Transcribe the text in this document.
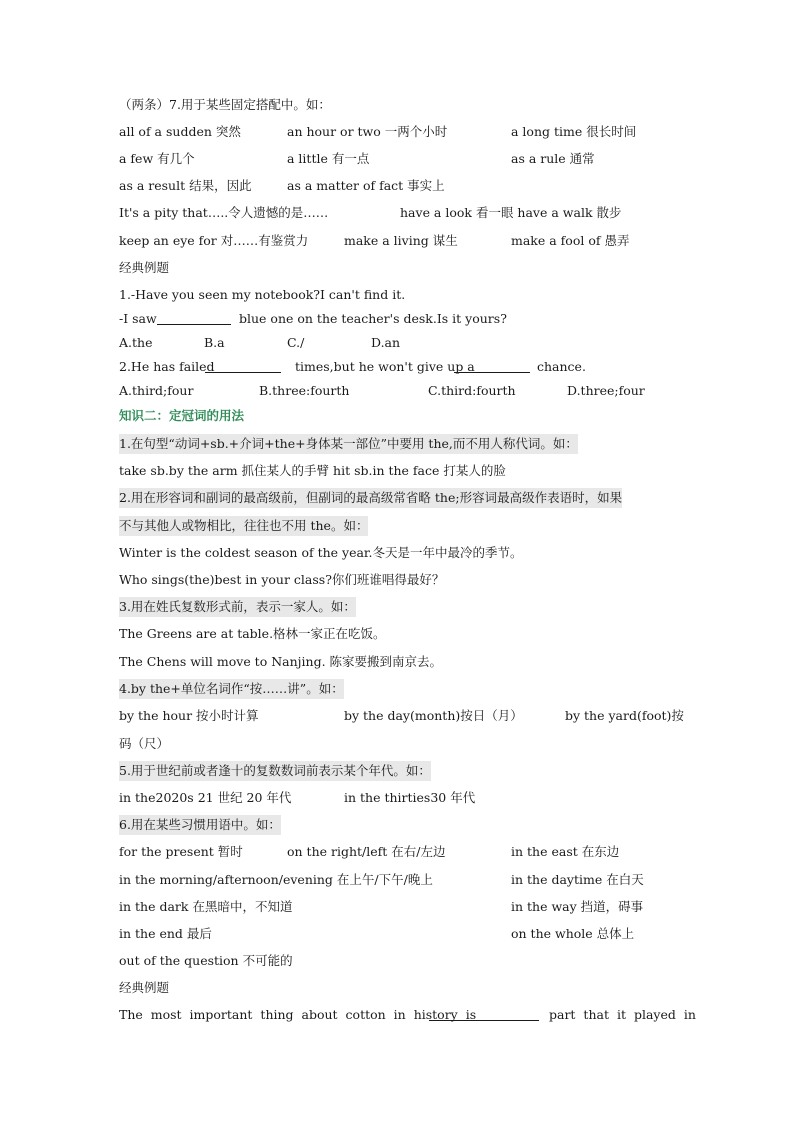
（两条）7.用于某些固定搭配中。如：
all of a sudden 突然	an hour or two 一两个小时	a long time 很长时间
a few 有几个	a little 有一点	as a rule 通常
as a result 结果，因此	as a matter of fact 事实上
It's a pity that…..令人遗憾的是……	have a look 看一眼 have a walk 散步
keep an eye for 对……有鉴赏力	make a living 谋生	make a fool of 愚弄
经典例题
1.-Have you seen my notebook?I can't find it.
-I saw	blue one on the teacher's desk.Is it yours?
A.the	B.a	C./	D.an
2.He has failed	times,but he won't give up a	chance.
A.third;four	B.three:fourth	C.third:fourth	D.three;four
知识二：定冠词的用法
1.在句型“动词+sb.+介词+the+身体某一部位”中要用 the,而不用人称代词。如：
take sb.by the arm 抓住某人的手臂 hit sb.in the face 打某人的脸
2.用在形容词和副词的最高级前，但副词的最高级常省略 the;形容词最高级作表语时，如果
不与其他人或物相比，往往也不用 the。如：
Winter is the coldest season of the year.冬天是一年中最冷的季节。
Who sings(the)best in your class?你们班谁唱得最好？
3.用在姓氏复数形式前，表示一家人。如：
The Greens are at table.格林一家正在吃饭。
The Chens will move to Nanjing. 陈家要搬到南京去。
4.by the+单位名词作“按……讲”。如：
by the hour 按小时计算	by the day(month)按日（月）	by the yard(foot)按
码（尺）
5.用于世纪前或者逢十的复数数词前表示某个年代。如：
in the2020s 21 世纪 20 年代	in the thirties30 年代
6.用在某些习惯用语中。如：
for the present 暂时	on the right/left 在右/左边	in the east 在东边
in the morning/afternoon/evening 在上午/下午/晚上	in the daytime 在白天
in the dark 在黑暗中，不知道	in the way 挡道，碍事
in the end 最后	on the whole 总体上
out of the question 不可能的
经典例题
The most important thing about cotton in history is	part that it played in
